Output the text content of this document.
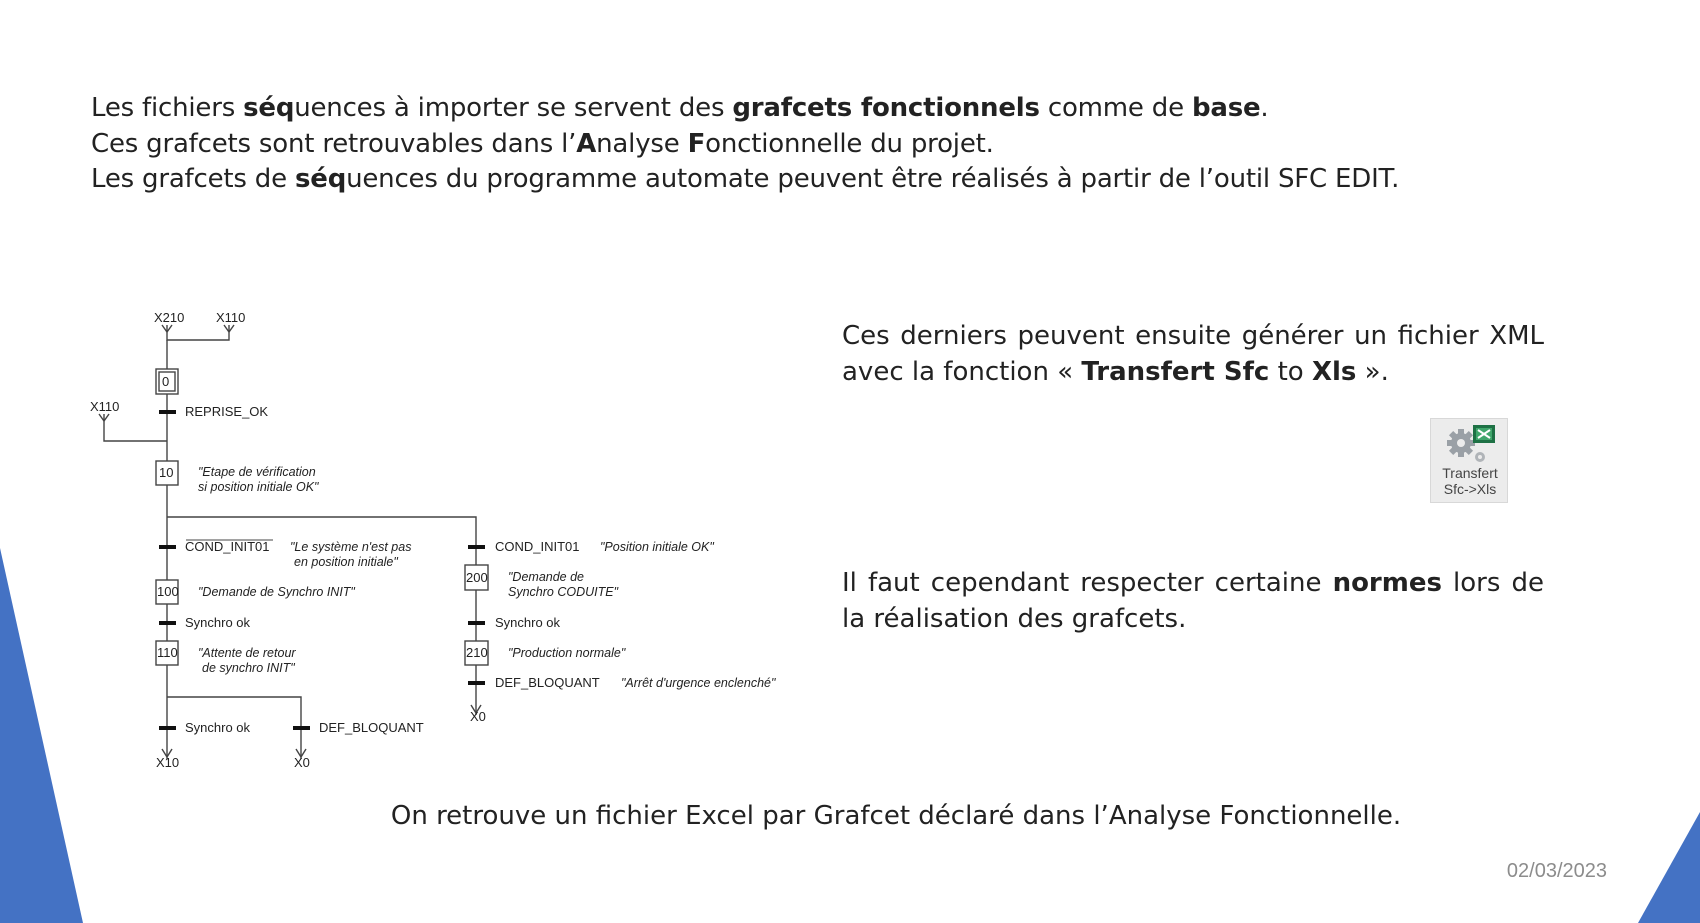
Les fichiers séquences à importer se servent des grafcets fonctionnels comme de base.
Ces grafcets sont retrouvables dans l’Analyse Fonctionnelle du projet.
Les grafcets de séquences du programme automate peuvent être réalisés à partir de l’outil SFC EDIT.
Ces derniers peuvent ensuite générer un fichier XML avec la fonction « Transfert Sfc to Xls ».
Transfert
Sfc->Xls
Il faut cependant respecter certaine normes lors de la réalisation des grafcets.
X210 X110
X110
0
REPRISE_OK
10
COND_INIT01
100
Synchro ok
110
Synchro ok	DEF_BLOQUANT
X10	X0
COND_INIT01
200
Synchro ok
210
DEF_BLOQUANT
X0
"Etape de vérification
si position initiale OK"
"Le système n'est pas
en position initiale"
"Demande de Synchro INIT"
"Attente de retour
de synchro INIT"
"Position initiale OK"
"Demande de
Synchro CODUITE"
"Production normale"
"Arrêt d'urgence enclenché"
On retrouve un fichier Excel par Grafcet déclaré dans l’Analyse Fonctionnelle.
02/03/2023
